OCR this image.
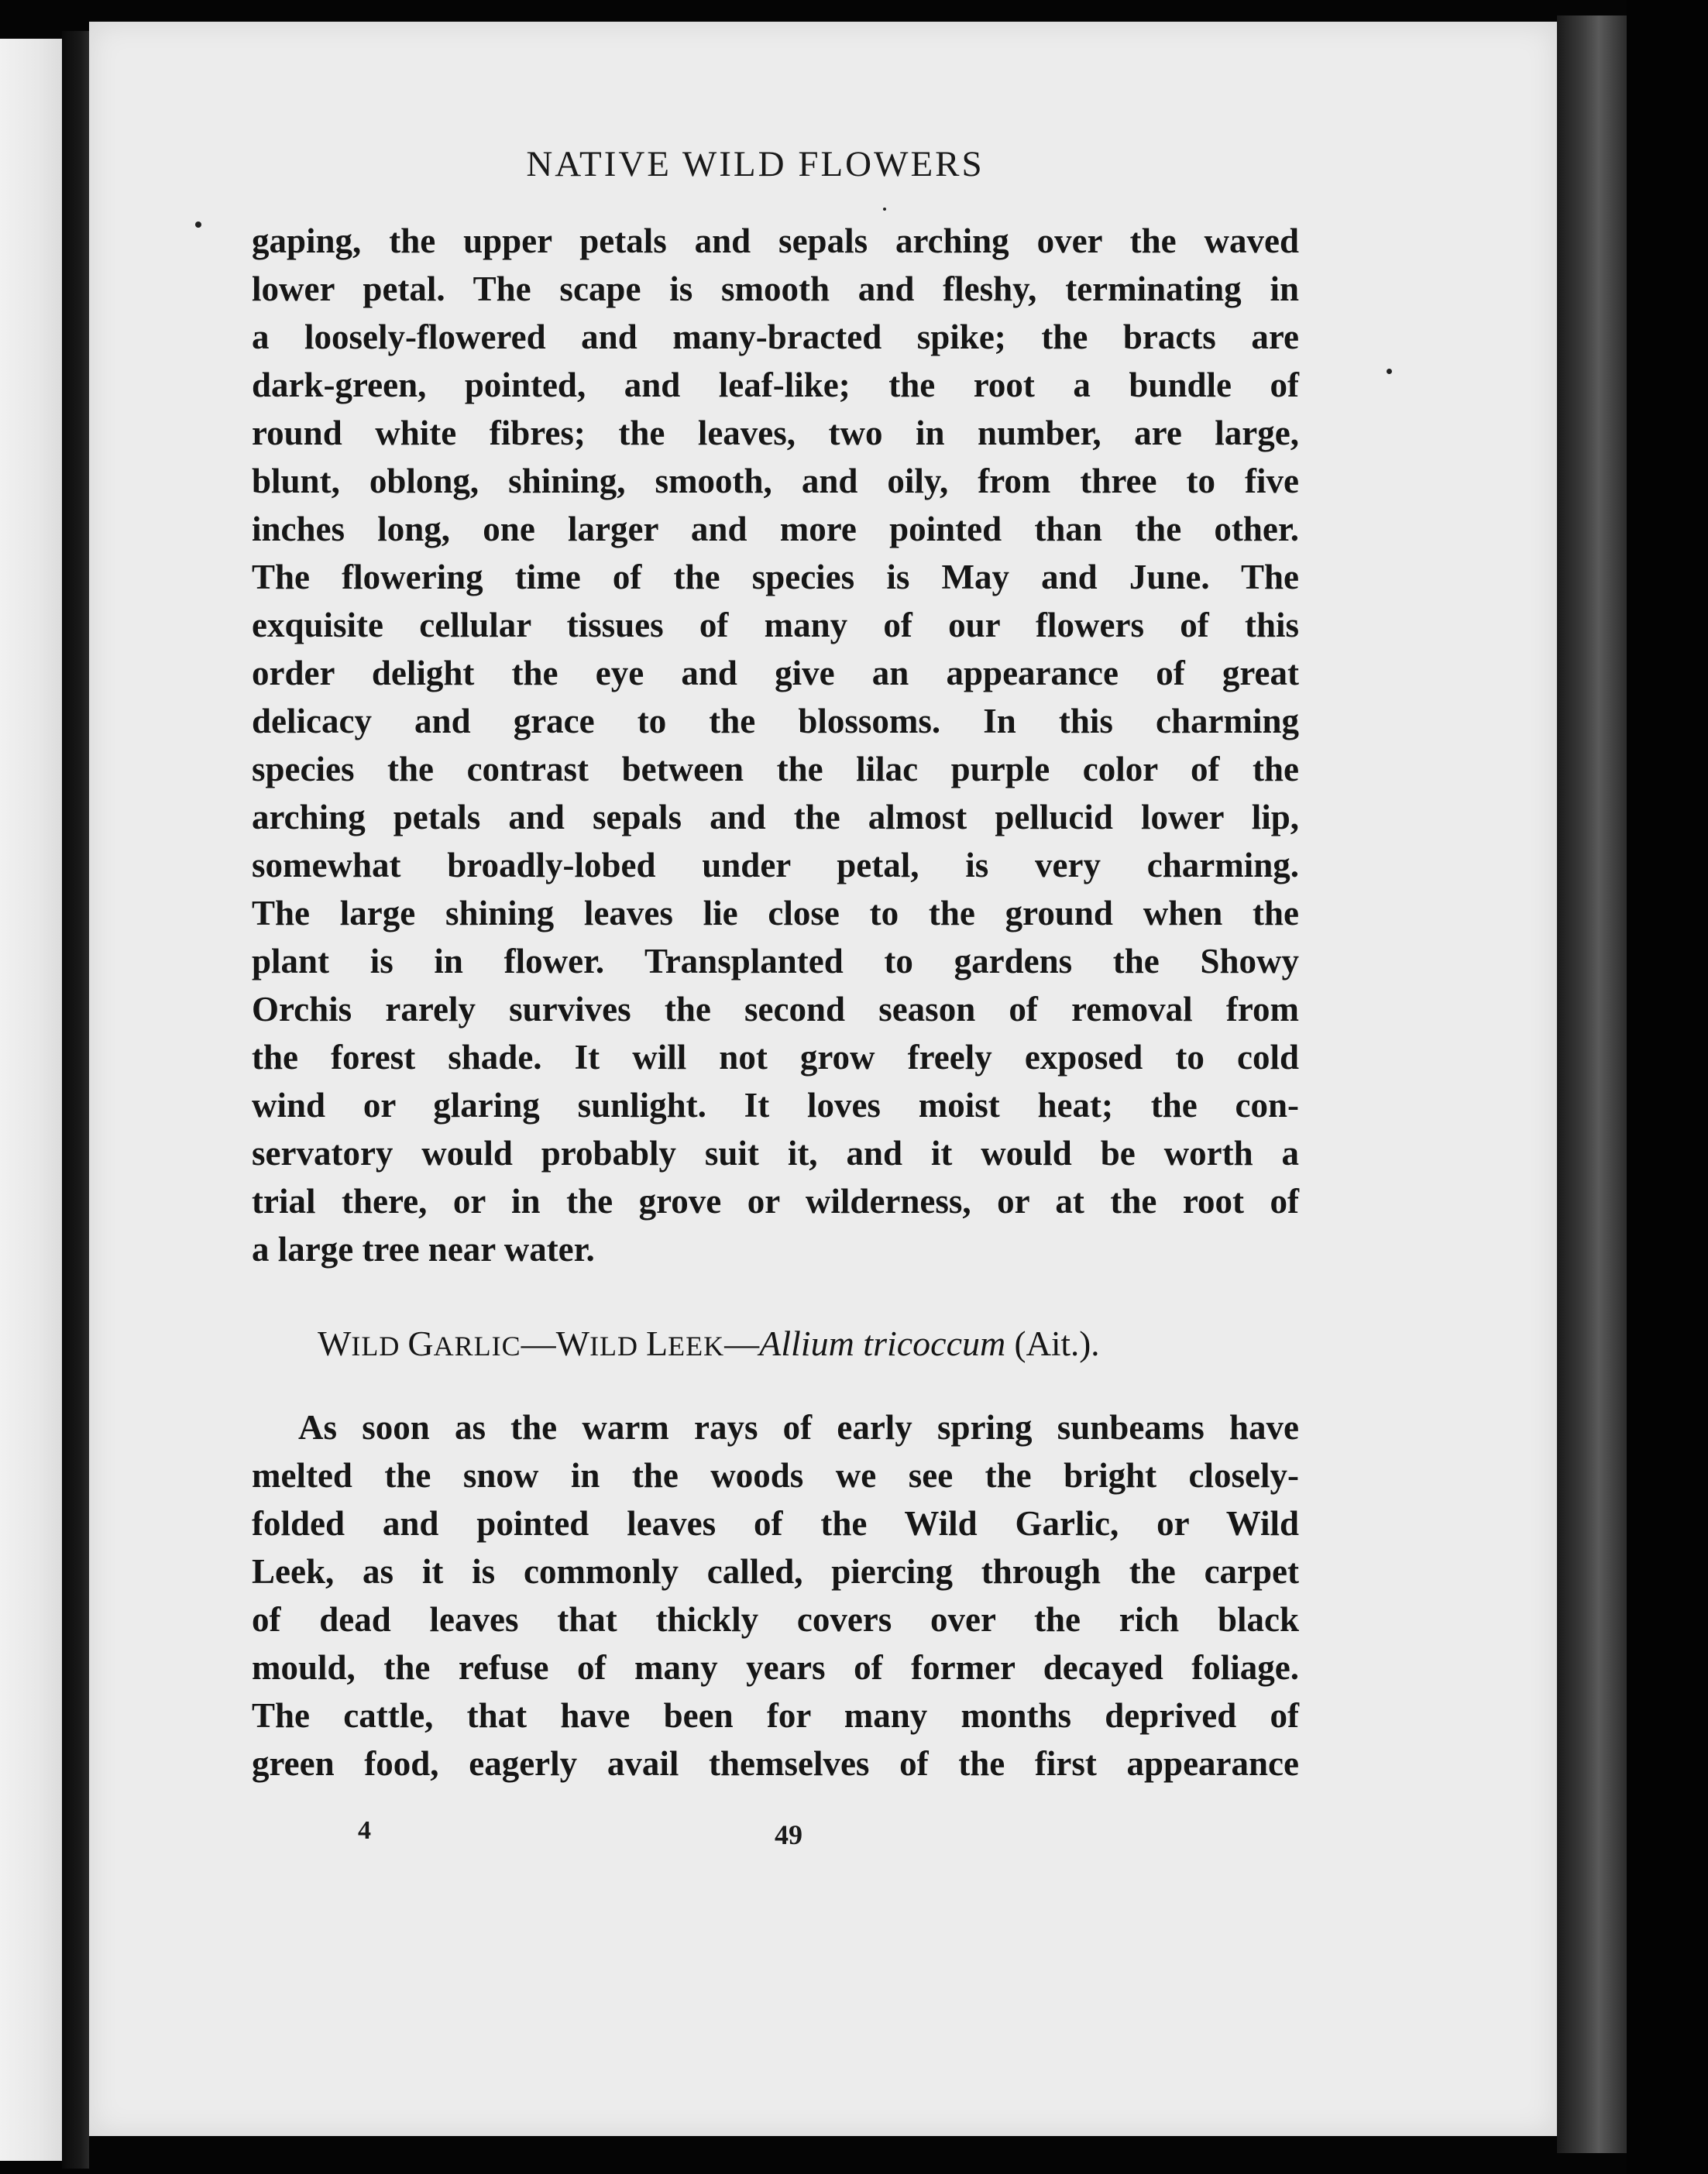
NATIVE WILD FLOWERS
gaping, the upper petals and sepals arching over the waved
lower petal. The scape is smooth and fleshy, terminating in
a loosely-flowered and many-bracted spike; the bracts are
dark-green, pointed, and leaf-like; the root a bundle of
round white fibres; the leaves, two in number, are large,
blunt, oblong, shining, smooth, and oily, from three to five
inches long, one larger and more pointed than the other.
The flowering time of the species is May and June. The
exquisite cellular tissues of many of our flowers of this
order delight the eye and give an appearance of great
delicacy and grace to the blossoms. In this charming
species the contrast between the lilac purple color of the
arching petals and sepals and the almost pellucid lower lip,
somewhat broadly-lobed under petal, is very charming.
The large shining leaves lie close to the ground when the
plant is in flower. Transplanted to gardens the Showy
Orchis rarely survives the second season of removal from
the forest shade. It will not grow freely exposed to cold
wind or glaring sunlight. It loves moist heat; the con-
servatory would probably suit it, and it would be worth a
trial there, or in the grove or wilderness, or at the root of
a large tree near water.
WILD GARLIC—WILD LEEK—Allium tricoccum (Ait.).
As soon as the warm rays of early spring sunbeams have
melted the snow in the woods we see the bright closely-
folded and pointed leaves of the Wild Garlic, or Wild
Leek, as it is commonly called, piercing through the carpet
of dead leaves that thickly covers over the rich black
mould, the refuse of many years of former decayed foliage.
The cattle, that have been for many months deprived of
green food, eagerly avail themselves of the first appearance
4	49
